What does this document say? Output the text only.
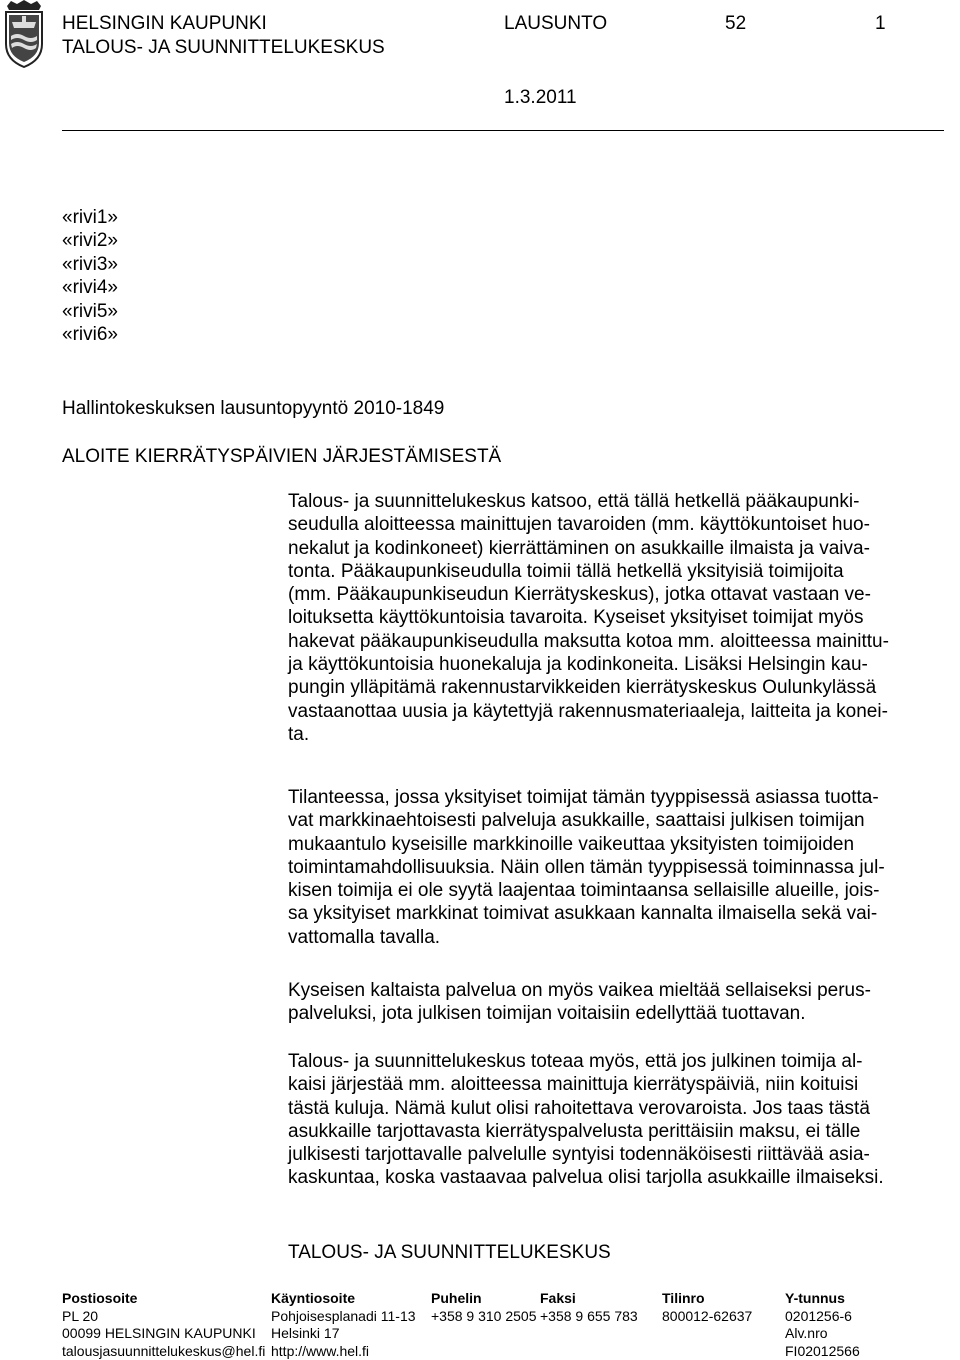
HELSINGIN KAUPUNKI
TALOUS- JA SUUNNITTELUKESKUS
LAUSUNTO	52	1
1.3.2011
«rivi1»
«rivi2»
«rivi3»
«rivi4»
«rivi5»
«rivi6»
Hallintokeskuksen lausuntopyyntö 2010-1849
ALOITE KIERRÄTYSPÄIVIEN JÄRJESTÄMISESTÄ
Talous- ja suunnittelukeskus katsoo, että tällä hetkellä pääkaupunki-
seudulla aloitteessa mainittujen tavaroiden (mm. käyttökuntoiset huo-
nekalut ja kodinkoneet) kierrättäminen on asukkaille ilmaista ja vaiva-
tonta. Pääkaupunkiseudulla toimii tällä hetkellä yksityisiä toimijoita
(mm. Pääkaupunkiseudun Kierrätyskeskus), jotka ottavat vastaan ve-
loituksetta käyttökuntoisia tavaroita. Kyseiset yksityiset toimijat myös
hakevat pääkaupunkiseudulla maksutta kotoa mm. aloitteessa mainittu-
ja käyttökuntoisia huonekaluja ja kodinkoneita. Lisäksi Helsingin kau-
pungin ylläpitämä rakennustarvikkeiden kierrätyskeskus Oulunkylässä
vastaanottaa uusia ja käytettyjä rakennusmateriaaleja, laitteita ja konei-
ta.
Tilanteessa, jossa yksityiset toimijat tämän tyyppisessä asiassa tuotta-
vat markkinaehtoisesti palveluja asukkaille, saattaisi julkisen toimijan
mukaantulo kyseisille markkinoille vaikeuttaa yksityisten toimijoiden
toimintamahdollisuuksia. Näin ollen tämän tyyppisessä toiminnassa jul-
kisen toimija ei ole syytä laajentaa toimintaansa sellaisille alueille, jois-
sa yksityiset markkinat toimivat asukkaan kannalta ilmaisella sekä vai-
vattomalla tavalla.
Kyseisen kaltaista palvelua on myös vaikea mieltää sellaiseksi perus-
palveluksi, jota julkisen toimijan voitaisiin edellyttää tuottavan.
Talous- ja suunnittelukeskus toteaa myös, että jos julkinen toimija al-
kaisi järjestää mm. aloitteessa mainittuja kierrätyspäiviä, niin koituisi
tästä kuluja. Nämä kulut olisi rahoitettava verovaroista. Jos taas tästä
asukkaille tarjottavasta kierrätyspalvelusta perittäisiin maksu, ei tälle
julkisesti tarjottavalle palvelulle syntyisi todennäköisesti riittävää asia-
kaskuntaa, koska vastaavaa palvelua olisi tarjolla asukkaille ilmaiseksi.
TALOUS- JA SUUNNITTELUKESKUS
Postiosoite
PL 20
00099 HELSINGIN KAUPUNKI
talousjasuunnittelukeskus@hel.fi
Käyntiosoite
Pohjoisesplanadi 11-13
Helsinki 17
http://www.hel.fi
Puhelin
+358 9 310 2505
Faksi
+358 9 655 783
Tilinro
800012-62637
Y-tunnus
0201256-6
Alv.nro
FI02012566
